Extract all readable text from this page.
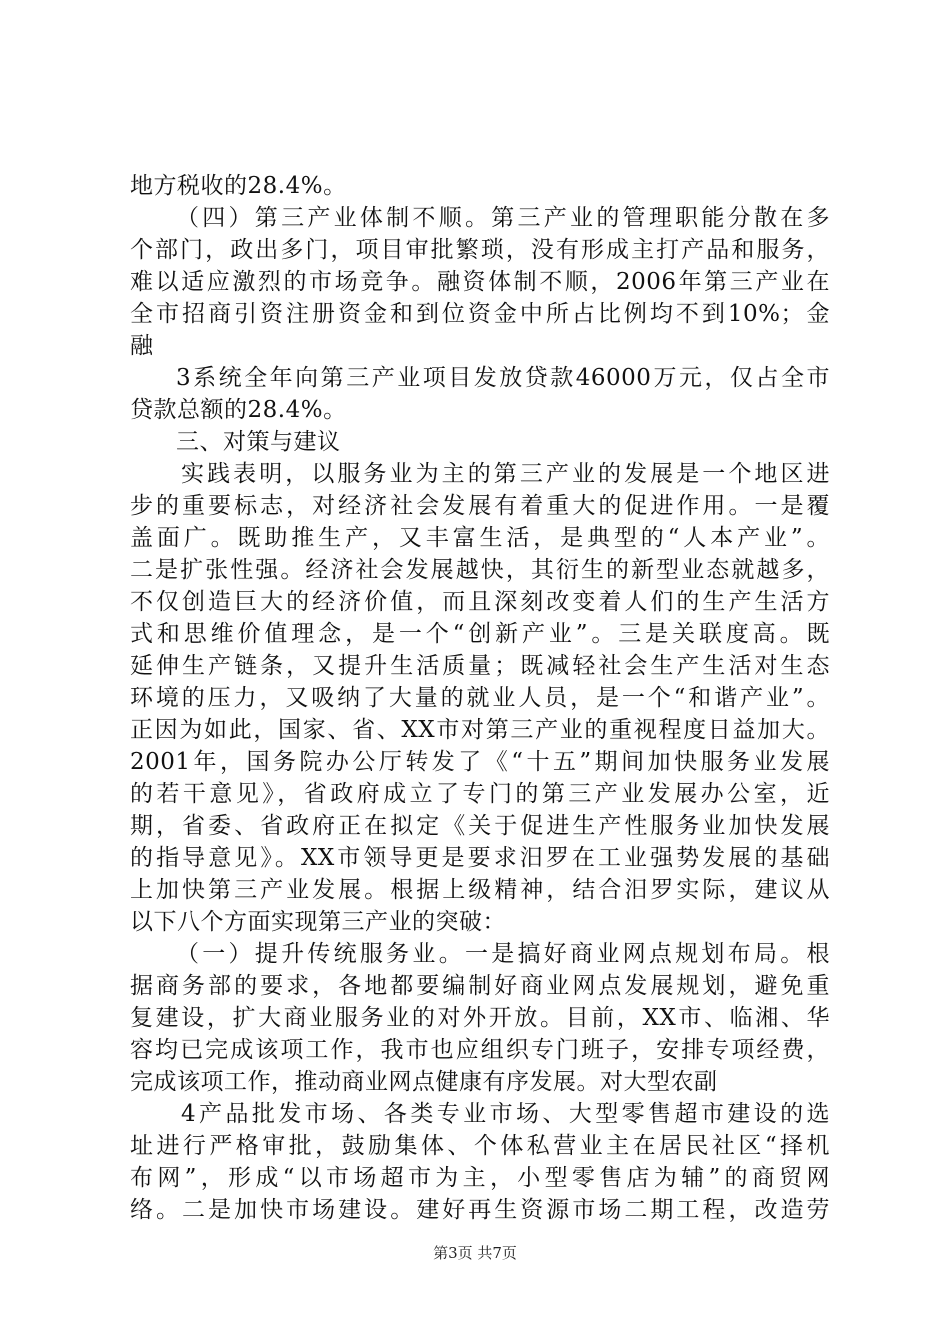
地方税收的28.4%。
（四）第三产业体制不顺。第三产业的管理职能分散在多
个部门，政出多门，项目审批繁琐，没有形成主打产品和服务，
难以适应激烈的市场竞争。融资体制不顺，2006年第三产业在
全市招商引资注册资金和到位资金中所占比例均不到10%；金
融
3系统全年向第三产业项目发放贷款46000万元，仅占全市
贷款总额的28.4%。
三、对策与建议
实践表明，以服务业为主的第三产业的发展是一个地区进
步的重要标志，对经济社会发展有着重大的促进作用。一是覆
盖面广。既助推生产，又丰富生活，是典型的“人本产业”。
二是扩张性强。经济社会发展越快，其衍生的新型业态就越多，
不仅创造巨大的经济价值，而且深刻改变着人们的生产生活方
式和思维价值理念，是一个“创新产业”。三是关联度高。既
延伸生产链条，又提升生活质量；既减轻社会生产生活对生态
环境的压力，又吸纳了大量的就业人员，是一个“和谐产业”。
正因为如此，国家、省、XX市对第三产业的重视程度日益加大。
2001年，国务院办公厅转发了《“十五”期间加快服务业发展
的若干意见》，省政府成立了专门的第三产业发展办公室，近
期，省委、省政府正在拟定《关于促进生产性服务业加快发展
的指导意见》。XX市领导更是要求汨罗在工业强势发展的基础
上加快第三产业发展。根据上级精神，结合汨罗实际，建议从
以下八个方面实现第三产业的突破：
（一）提升传统服务业。一是搞好商业网点规划布局。根
据商务部的要求，各地都要编制好商业网点发展规划，避免重
复建设，扩大商业服务业的对外开放。目前，XX市、临湘、华
容均已完成该项工作，我市也应组织专门班子，安排专项经费，
完成该项工作，推动商业网点健康有序发展。对大型农副
4产品批发市场、各类专业市场、大型零售超市建设的选
址进行严格审批，鼓励集体、个体私营业主在居民社区“择机
布网”，形成“以市场超市为主，小型零售店为辅”的商贸网
络。二是加快市场建设。建好再生资源市场二期工程，改造劳
第3页 共7页
